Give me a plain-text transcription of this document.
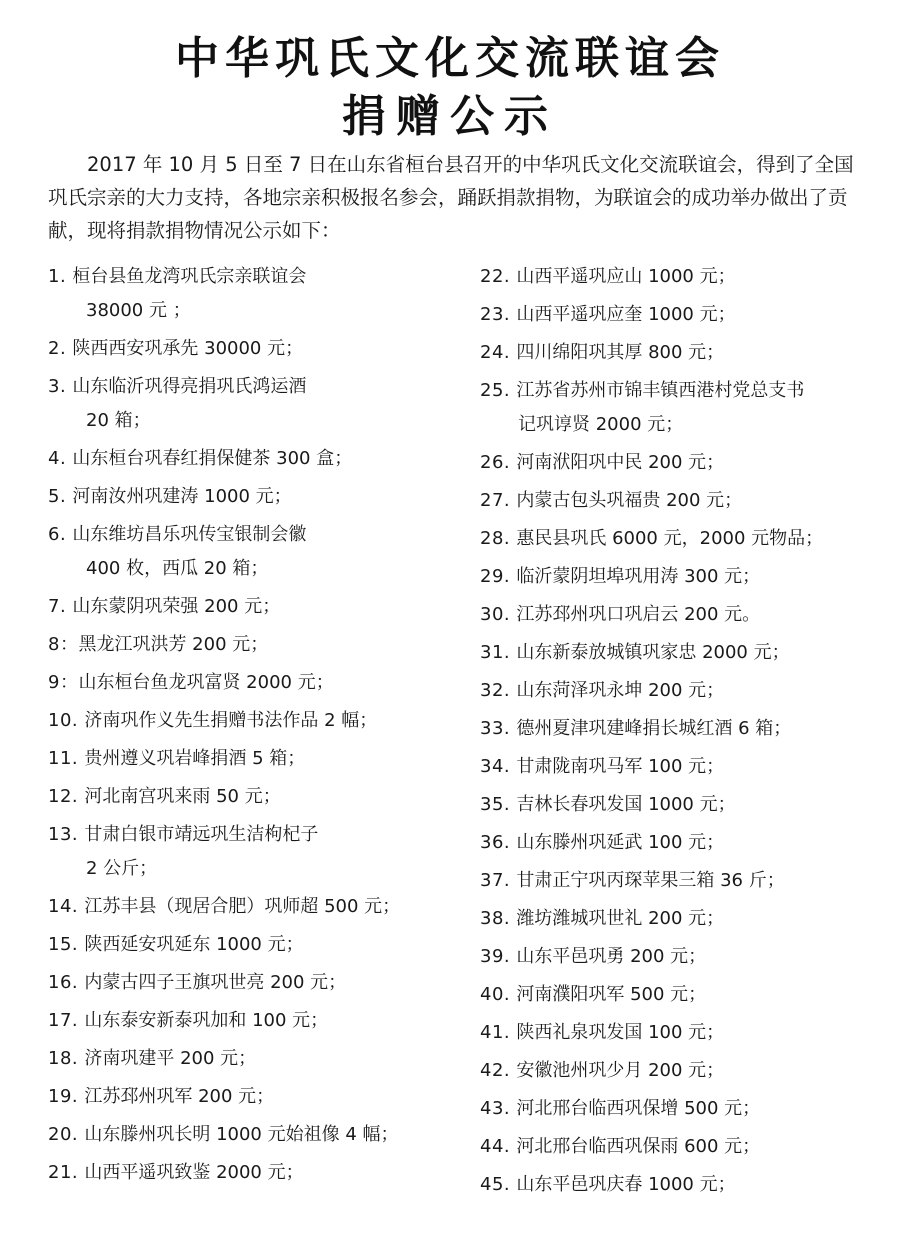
中华巩氏文化交流联谊会
捐赠公示

2017 年 10 月 5 日至 7 日在山东省桓台县召开的中华巩氏文化交流联谊会，得到了全国巩氏宗亲的大力支持，各地宗亲积极报名参会，踊跃捐款捐物，为联谊会的成功举办做出了贡献，现将捐款捐物情况公示如下：

1. 桓台县鱼龙湾巩氏宗亲联谊会
38000 元 ；
2. 陕西西安巩承先 30000 元；
3. 山东临沂巩得亮捐巩氏鸿运酒
20 箱；
4. 山东桓台巩春红捐保健茶 300 盒；
5. 河南汝州巩建涛 1000 元；
6. 山东维坊昌乐巩传宝银制会徽
400 枚，西瓜 20 箱；
7. 山东蒙阴巩荣强 200 元；
8：黑龙江巩洪芳 200 元；
9：山东桓台鱼龙巩富贤 2000 元；
10. 济南巩作义先生捐赠书法作品 2 幅；
11. 贵州遵义巩岩峰捐酒 5 箱；
12. 河北南宫巩来雨 50 元；
13. 甘肃白银市靖远巩生洁枸杞子
2 公斤；
14. 江苏丰县（现居合肥）巩师超 500 元；
15. 陕西延安巩延东 1000 元；
16. 内蒙古四子王旗巩世亮 200 元；
17. 山东泰安新泰巩加和 100 元；
18. 济南巩建平 200 元；
19. 江苏邳州巩军 200 元；
20. 山东滕州巩长明 1000 元始祖像 4 幅；
21. 山西平遥巩致鉴 2000 元；
22. 山西平遥巩应山 1000 元；
23. 山西平遥巩应奎 1000 元；
24. 四川绵阳巩其厚 800 元；
25. 江苏省苏州市锦丰镇西港村党总支书
记巩谆贤 2000 元；
26. 河南洑阳巩中民 200 元；
27. 内蒙古包头巩福贵 200 元；
28. 惠民县巩氏 6000 元，2000 元物品；
29. 临沂蒙阴坦埠巩用涛 300 元；
30. 江苏邳州巩口巩启云 200 元。
31. 山东新泰放城镇巩家忠 2000 元；
32. 山东菏泽巩永坤 200 元；
33. 德州夏津巩建峰捐长城红酒 6 箱；
34. 甘肃陇南巩马军 100 元；
35. 吉林长春巩发国 1000 元；
36. 山东滕州巩延武 100 元；
37. 甘肃正宁巩丙琛苹果三箱 36 斤；
38. 潍坊潍城巩世礼 200 元；
39. 山东平邑巩勇 200 元；
40. 河南濮阳巩军 500 元；
41. 陕西礼泉巩发国 100 元；
42. 安徽池州巩少月 200 元；
43. 河北邢台临西巩保增 500 元；
44. 河北邢台临西巩保雨 600 元；
45. 山东平邑巩庆春 1000 元；
